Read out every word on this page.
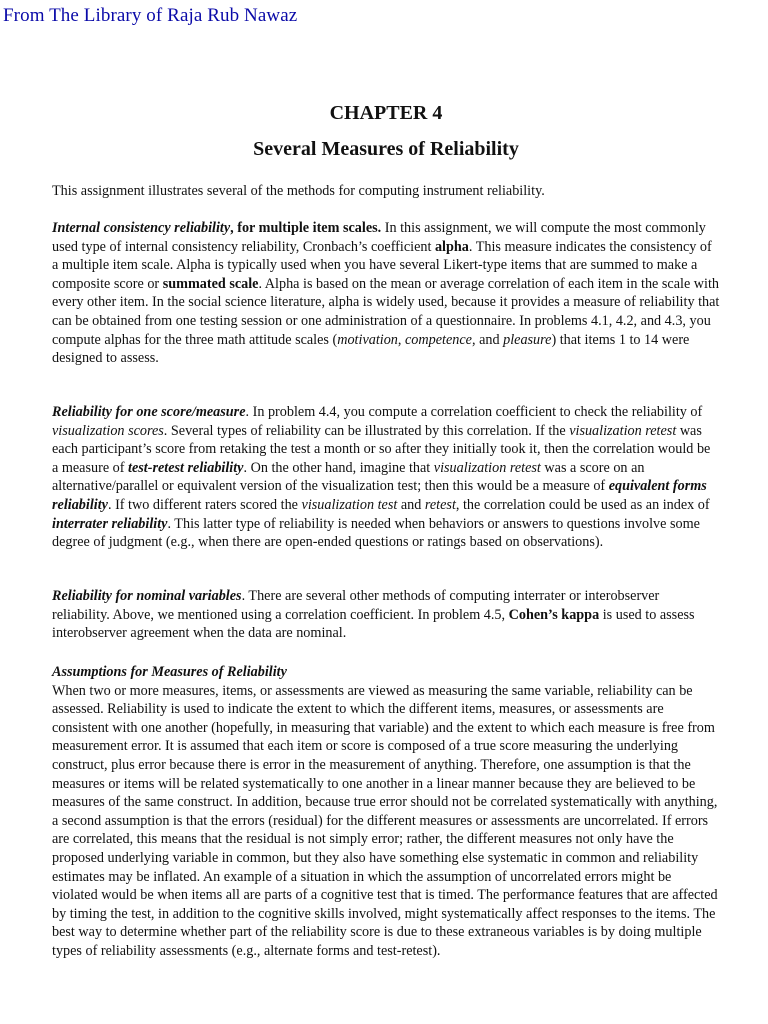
From The Library of Raja Rub Nawaz
CHAPTER 4
Several Measures of Reliability

This assignment illustrates several of the methods for computing instrument reliability.

Internal consistency reliability, for multiple item scales. In this assignment, we will compute the most commonly used type of internal consistency reliability, Cronbach’s coefficient alpha. This measure indicates the consistency of a multiple item scale. Alpha is typically used when you have several Likert-type items that are summed to make a composite score or summated scale. Alpha is based on the mean or average correlation of each item in the scale with every other item. In the social science literature, alpha is widely used, because it provides a measure of reliability that can be obtained from one testing session or one administration of a questionnaire. In problems 4.1, 4.2, and 4.3, you compute alphas for the three math attitude scales (motivation, competence, and pleasure) that items 1 to 14 were designed to assess.

Reliability for one score/measure. In problem 4.4, you compute a correlation coefficient to check the reliability of visualization scores. Several types of reliability can be illustrated by this correlation. If the visualization retest was each participant’s score from retaking the test a month or so after they initially took it, then the correlation would be a measure of test-retest reliability. On the other hand, imagine that visualization retest was a score on an alternative/parallel or equivalent version of the visualization test; then this would be a measure of equivalent forms reliability. If two different raters scored the visualization test and retest, the correlation could be used as an index of interrater reliability. This latter type of reliability is needed when behaviors or answers to questions involve some degree of judgment (e.g., when there are open-ended questions or ratings based on observations).

Reliability for nominal variables. There are several other methods of computing interrater or interobserver reliability. Above, we mentioned using a correlation coefficient. In problem 4.5, Cohen’s kappa is used to assess interobserver agreement when the data are nominal.

Assumptions for Measures of Reliability

When two or more measures, items, or assessments are viewed as measuring the same variable, reliability can be assessed. Reliability is used to indicate the extent to which the different items, measures, or assessments are consistent with one another (hopefully, in measuring that variable) and the extent to which each measure is free from measurement error. It is assumed that each item or score is composed of a true score measuring the underlying construct, plus error because there is error in the measurement of anything. Therefore, one assumption is that the measures or items will be related systematically to one another in a linear manner because they are believed to be measures of the same construct. In addition, because true error should not be correlated systematically with anything, a second assumption is that the errors (residual) for the different measures or assessments are uncorrelated. If errors are correlated, this means that the residual is not simply error; rather, the different measures not only have the proposed underlying variable in common, but they also have something else systematic in common and reliability estimates may be inflated. An example of a situation in which the assumption of uncorrelated errors might be violated would be when items all are parts of a cognitive test that is timed. The performance features that are affected by timing the test, in addition to the cognitive skills involved, might systematically affect responses to the items. The best way to determine whether part of the reliability score is due to these extraneous variables is by doing multiple types of reliability assessments (e.g., alternate forms and test-retest).
